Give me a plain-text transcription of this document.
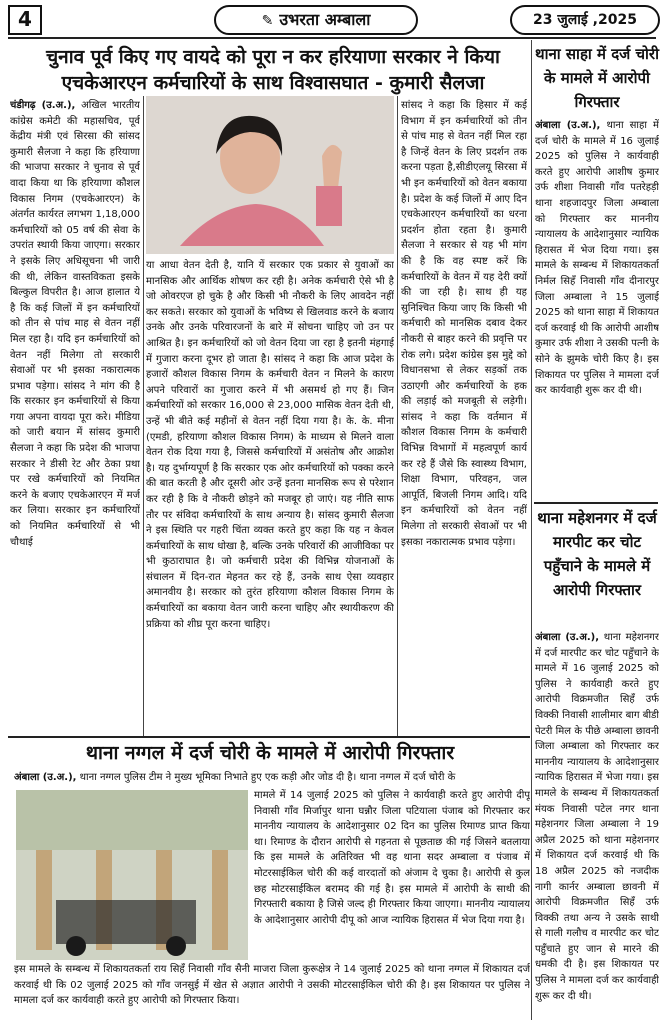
4	✎ उभरता अम्बाला	23 जुलाई ,2025
चुनाव पूर्व किए गए वायदे को पूरा न कर हरियाणा सरकार ने किया
एचकेआरएन कर्मचारियों के साथ विश्वासघात - कुमारी सैलजा
चंडीगढ़ (उ.अ.), अखिल भारतीय कांग्रेस कमेटी की महासचिव, पूर्व केंद्रीय मंत्री एवं सिरसा की सांसद कुमारी सैलजा ने कहा कि हरियाणा की भाजपा सरकार ने चुनाव से पूर्व वादा किया था कि हरियाणा कौशल विकास निगम (एचकेआरएन) के अंतर्गत कार्यरत लगभग 1,18,000 कर्मचारियों को 05 वर्ष की सेवा के उपरांत स्थायी किया जाएगा। सरकार ने इसके लिए अधिसूचना भी जारी की थी, लेकिन वास्तविकता इसके बिल्कुल विपरीत है। आज हालात ये है कि कई जिलों में इन कर्मचारियों को तीन से पांच माह से वेतन नहीं मिल रहा है। यदि इन कर्मचारियों को वेतन नहीं मिलेगा तो सरकारी सेवाओं पर भी इसका नकारात्मक प्रभाव पड़ेगा। सांसद ने मांग की है कि सरकार इन कर्मचारियों से किया गया अपना वायदा पूरा करे। मीडिया को जारी बयान में सांसद कुमारी सैलजा ने कहा कि प्रदेश की भाजपा सरकार ने डीसी रेट और ठेका प्रथा पर रखे कर्मचारियों को नियमित करने के बजाए एचकेआरएन में मर्ज कर लिया। सरकार इन कर्मचारियों को नियमित कर्मचारियों से भी चौथाई
या आधा वेतन देती है, यानि यें सरकार एक प्रकार से युवाओं का मानसिक और आर्थिक शोषण कर रही है। अनेक कर्मचारी ऐसे भी है जो ओवरएज हो चुके है और किसी भी नौकरी के लिए आवदेन नहीं कर सकते। सरकार को युवाओं के भविष्य से खिलवाड करने के बजाय उनके और उनके परिवारजनों के बारे में सोचना चाहिए जो उन पर आश्रित है। इन कर्मचारियों को जो वेतन दिया जा रहा है इतनी मंहगाई में गुजारा करना दूभर हो जाता है। सांसद ने कहा कि आज प्रदेश के हजारों कौशल विकास निगम के कर्मचारी वेतन न मिलने के कारण अपने परिवारों का गुजारा करने में भी असमर्थ हो गए हैं। जिन कर्मचारियों को सरकार 16,000 से 23,000 मासिक वेतन देती थी, उन्हें भी बीते कई महीनों से वेतन नहीं दिया गया है। के. के. मीना (एमडी, हरियाणा कौशल विकास निगम) के माध्यम से मिलने वाला वेतन रोक दिया गया है, जिससे कर्मचारियों में असंतोष और आक्रोश है। यह दुर्भाग्यपूर्ण है कि सरकार एक ओर कर्मचारियों को पक्का करने की बात करती है और दूसरी ओर उन्हें इतना मानसिक रूप से परेशान कर रही है कि वे नौकरी छोड़ने को मजबूर हो जाएं। यह नीति साफ तौर पर संविदा कर्मचारियों के साथ अन्याय है। सांसद कुमारी सैलजा ने इस स्थिति पर गहरी चिंता व्यक्त करते हुए कहा कि यह न केवल कर्मचारियों के साथ धोखा है, बल्कि उनके परिवारों की आजीविका पर भी कुठाराघात है। जो कर्मचारी प्रदेश की विभिन्न योजनाओं के संचालन में दिन-रात मेहनत कर रहे हैं, उनके साथ ऐसा व्यवहार अमानवीय है। सरकार को तुरंत हरियाणा कौशल विकास निगम के कर्मचारियों का बकाया वेतन जारी करना चाहिए और स्थायीकरण की प्रक्रिया को शीघ्र पूरा करना चाहिए।
सांसद ने कहा कि हिसार में कई विभाग में इन कर्मचारियों को तीन से पांच माह से वेतन नहीं मिल रहा है जिन्हें वेतन के लिए प्रदर्शन तक करना पड़ता है,सीडीएलयू सिरसा में भी इन कर्मचारियों को वेतन बकाया है। प्रदेश के कई जिलों में आए दिन एचकेआरएन कर्मचारियों का धरना प्रदर्शन होता रहता है। कुमारी सैलजा ने सरकार से यह भी मांग की है कि वह स्पष्ट करें कि कर्मचारियों के वेतन में यह देरी क्यों की जा रही है। साथ ही यह सुनिश्चित किया जाए कि किसी भी कर्मचारी को मानसिक दबाव देकर नौकरी से बाहर करने की प्रवृत्ति पर रोक लगे। प्रदेश कांग्रेस इस मुद्दे को विधानसभा से लेकर सड़कों तक उठाएगी और कर्मचारियों के हक की लड़ाई को मजबूती से लड़ेगी। सांसद ने कहा कि वर्तमान में कौशल विकास निगम के कर्मचारी विभिन्न विभागों में महत्वपूर्ण कार्य कर रहे हैं जैसे कि स्वास्थ्य विभाग, शिक्षा विभाग, परिवहन, जल आपूर्ति, बिजली निगम आदि। यदि इन कर्मचारियों को वेतन नहीं मिलेगा तो सरकारी सेवाओं पर भी इसका नकारात्मक प्रभाव पड़ेगा।
थाना साहा में दर्ज चोरी के मामले में आरोपी गिरफ्तार
अंबाला (उ.अ.), थाना साहा में दर्ज चोरी के मामले में 16 जुलाई 2025 को पुलिस ने कार्यवाही करते हुए आरोपी आशीष कुमार उर्फ शीशा निवासी गाँव पतरेहड़ी थाना शहजादपुर जिला अम्बाला को गिरफ्तार कर माननीय न्यायालय के आदेशानुसार न्यायिक हिरासत में भेज दिया गया। इस मामले के सम्बन्ध में शिकायतकर्ता निर्मल सिहँ निवासी गाँव दीनारपुर जिला अम्बाला ने 15 जुलाई 2025 को थाना साहा में शिकायत दर्ज करवाई थी कि आरोपी आशीष कुमार उर्फ शीशा ने उसकी पत्नी के सोने के झुमके चोरी किए है। इस शिकायत पर पुलिस ने मामला दर्ज कर कार्यवाही शुरू कर दी थी।
थाना महेशनगर में दर्ज मारपीट कर चोट पहुँचाने के मामले में आरोपी गिरफ्तार
अंबाला (उ.अ.), थाना महेशनगर में दर्ज मारपीट कर चोट पहुँचाने के मामले में 16 जुलाई 2025 को पुलिस ने कार्यवाही करते हुए आरोपी विक्रमजीत सिहँ उर्फ विक्की निवासी शालीमार बाग बीडी पेटरी मिल के पीछे अम्बाला छावनी जिला अम्बाला को गिरफ्तार कर माननीय न्यायालय के आदेशानुसार न्यायिक हिरासत में भेजा गया। इस मामले के सम्बन्ध में शिकायतकर्ता मंयक निवासी पटेल नगर थाना महेशनगर जिला अम्बाला ने 19 अप्रैल 2025 को थाना महेशनगर में शिकायत दर्ज करवाई थी कि 18 अप्रैल 2025 को नजदीक नागी कार्नर अम्बाला छावनी में आरोपी विक्रमजीत सिहँ उर्फ विक्की तथा अन्य ने उसके साथी से गाली गलौच व मारपीट कर चोट पहुँचाते हुए जान से मारने की धमकी दी है। इस शिकायत पर पुलिस ने मामला दर्ज कर कार्यवाही शुरू कर दी थी।
थाना नग्गल में दर्ज चोरी के मामले में आरोपी गिरफ्तार
अंबाला (उ.अ.), थाना नग्गल पुलिस टीम ने मुख्य भूमिका निभाते हुए एक कड़ी और जोड दी है। थाना नग्गल में दर्ज चोरी के
मामले में 14 जुलाई 2025 को पुलिस ने कार्यवाही करते हुए आरोपी दीपू निवासी गाँव मिर्जापुर थाना घन्नौर जिला पटियाला पंजाब को गिरफ्तार कर माननीय न्यायालय के आदेशानुसार 02 दिन का पुलिस रिमाण्ड प्राप्त किया था। रिमाण्ड के दौरान आरोपी से गहनता से पूछताछ की गई जिसने बतलाया कि इस मामले के अतिरिक्त भी वह थाना सदर अम्बाला व पंजाब में मोटरसाईकिल चोरी की कई वारदातों को अंजाम दे चुका है। आरोपी से कुल छह मोटरसाईकिल बरामद की गई है। इस मामले में आरोपी के साथी की गिरफ्तारी बकाया है जिसे जल्द ही गिरफ्तार किया जाएगा। माननीय न्यायालय के आदेशानुसार आरोपी दीपू को आज न्यायिक हिरासत में भेज दिया गया है।
इस मामले के सम्बन्ध में शिकायतकर्ता राय सिहँ निवासी गाँव सैनी माजरा जिला कुरूक्षेत्र ने 14 जुलाई 2025 को थाना नग्गल में शिकायत दर्ज करवाई थी कि 02 जुलाई 2025 को गाँव जनसुई में खेत से अज्ञात आरोपी ने उसकी मोटरसाईकिल चोरी की है। इस शिकायत पर पुलिस ने मामला दर्ज कर कार्यवाही करते हुए आरोपी को गिरफ्तार किया।
